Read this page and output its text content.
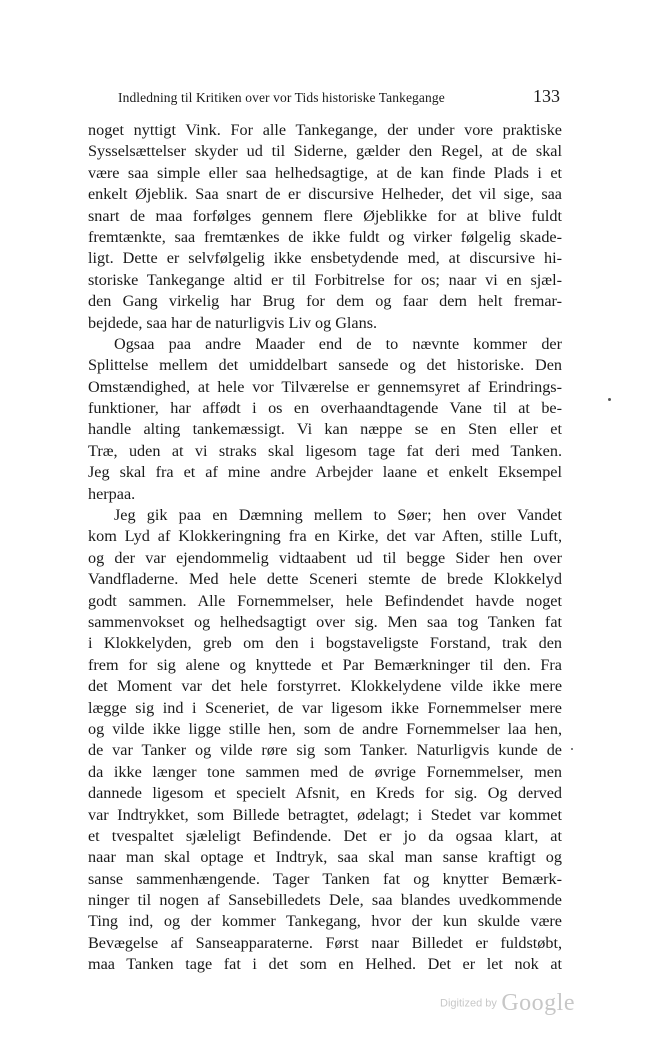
Indledning til Kritiken over vor Tids historiske Tankegange	133
noget nyttigt Vink. For alle Tankegange, der under vore praktiske
Sysselsættelser skyder ud til Siderne, gælder den Regel, at de skal
være saa simple eller saa helhedsagtige, at de kan finde Plads i et
enkelt Øjeblik. Saa snart de er discursive Helheder, det vil sige, saa
snart de maa forfølges gennem flere Øjeblikke for at blive fuldt
fremtænkte, saa fremtænkes de ikke fuldt og virker følgelig skade-
ligt. Dette er selvfølgelig ikke ensbetydende med, at discursive hi-
storiske Tankegange altid er til Forbitrelse for os; naar vi en sjæl-
den Gang virkelig har Brug for dem og faar dem helt fremar-
bejdede, saa har de naturligvis Liv og Glans.
Ogsaa paa andre Maader end de to nævnte kommer der
Splittelse mellem det umiddelbart sansede og det historiske. Den
Omstændighed, at hele vor Tilværelse er gennemsyret af Erindrings-
funktioner, har affødt i os en overhaandtagende Vane til at be-
handle alting tankemæssigt. Vi kan næppe se en Sten eller et
Træ, uden at vi straks skal ligesom tage fat deri med Tanken.
Jeg skal fra et af mine andre Arbejder laane et enkelt Eksempel
herpaa.
Jeg gik paa en Dæmning mellem to Søer; hen over Vandet
kom Lyd af Klokkeringning fra en Kirke, det var Aften, stille Luft,
og der var ejendommelig vidtaabent ud til begge Sider hen over
Vandfladerne. Med hele dette Sceneri stemte de brede Klokkelyd
godt sammen. Alle Fornemmelser, hele Befindendet havde noget
sammenvokset og helhedsagtigt over sig. Men saa tog Tanken fat
i Klokkelyden, greb om den i bogstaveligste Forstand, trak den
frem for sig alene og knyttede et Par Bemærkninger til den. Fra
det Moment var det hele forstyrret. Klokkelydene vilde ikke mere
lægge sig ind i Sceneriet, de var ligesom ikke Fornemmelser mere
og vilde ikke ligge stille hen, som de andre Fornemmelser laa hen,
de var Tanker og vilde røre sig som Tanker. Naturligvis kunde de
da ikke længer tone sammen med de øvrige Fornemmelser, men
dannede ligesom et specielt Afsnit, en Kreds for sig. Og derved
var Indtrykket, som Billede betragtet, ødelagt; i Stedet var kommet
et tvespaltet sjæleligt Befindende. Det er jo da ogsaa klart, at
naar man skal optage et Indtryk, saa skal man sanse kraftigt og
sanse sammenhængende. Tager Tanken fat og knytter Bemærk-
ninger til nogen af Sansebilledets Dele, saa blandes uvedkommende
Ting ind, og der kommer Tankegang, hvor der kun skulde være
Bevægelse af Sanseapparaterne. Først naar Billedet er fuldstøbt,
maa Tanken tage fat i det som en Helhed. Det er let nok at
Digitized by Google
